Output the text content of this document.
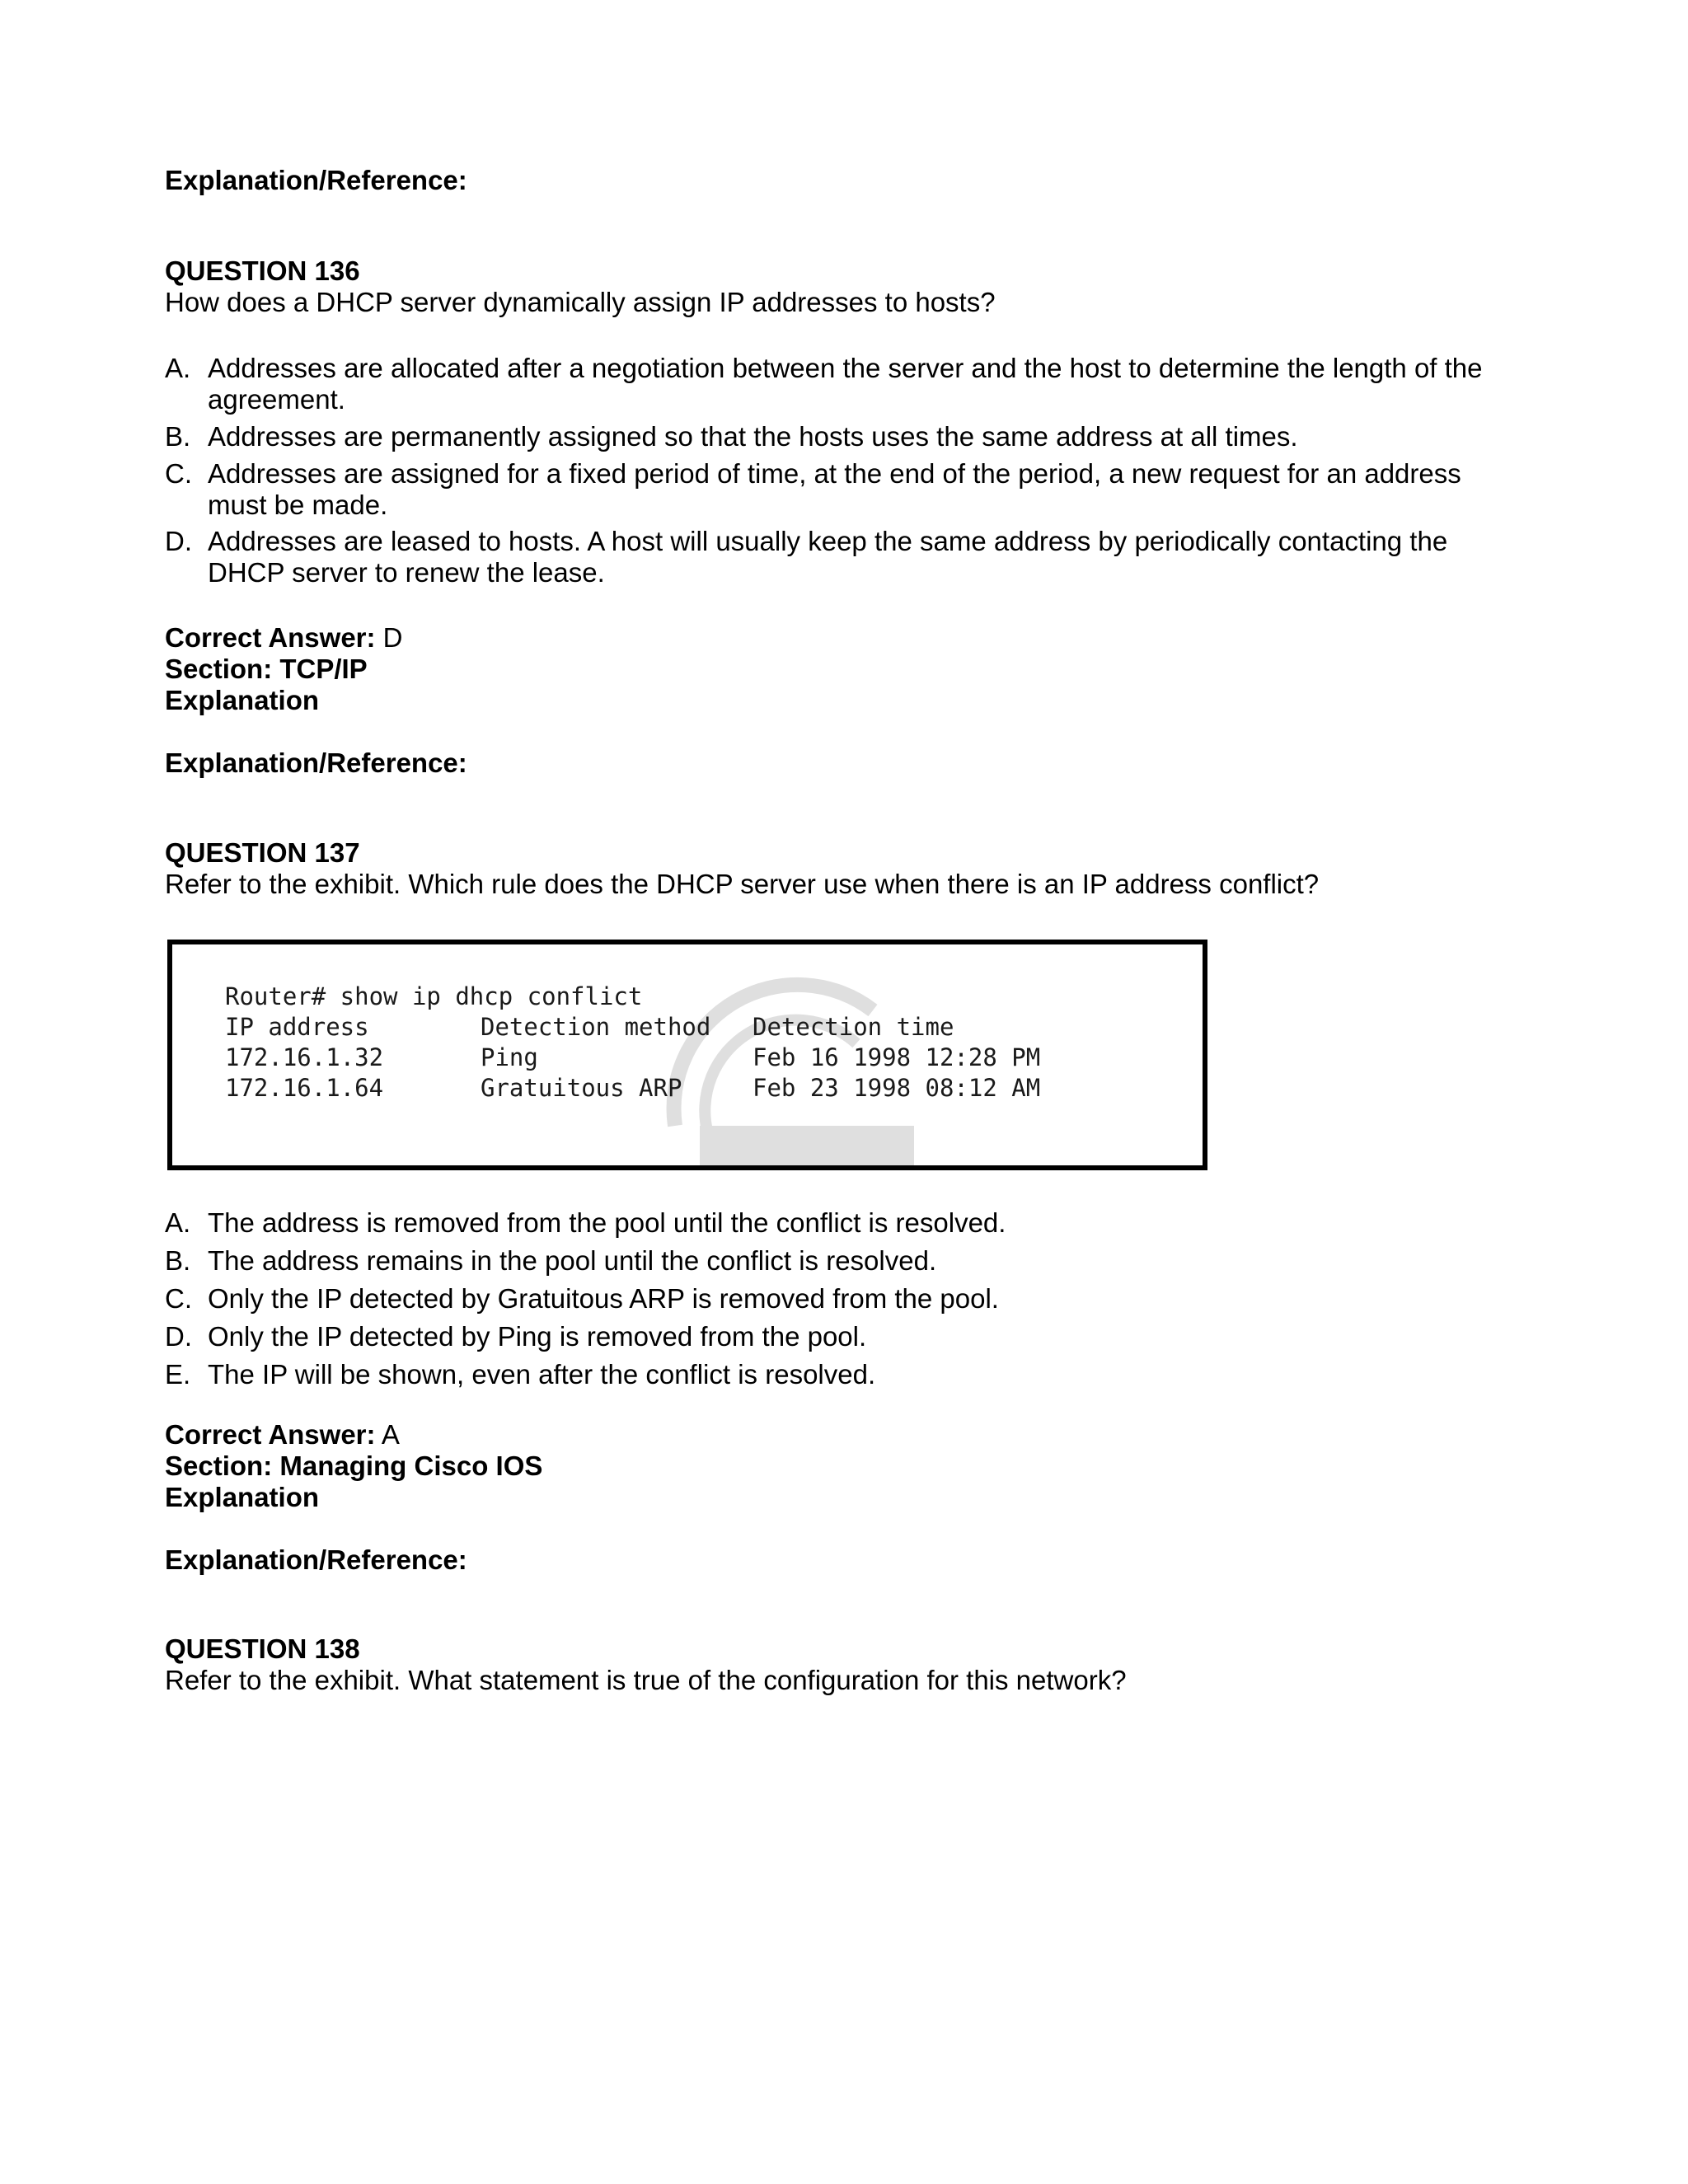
Explanation/Reference:
QUESTION 136
How does a DHCP server dynamically assign IP addresses to hosts?
A. Addresses are allocated after a negotiation between the server and the host to determine the length of the agreement.
B. Addresses are permanently assigned so that the hosts uses the same address at all times.
C. Addresses are assigned for a fixed period of time, at the end of the period, a new request for an address must be made.
D. Addresses are leased to hosts. A host will usually keep the same address by periodically contacting the DHCP server to renew the lease.
Correct Answer: D
Section: TCP/IP
Explanation
Explanation/Reference:
QUESTION 137
Refer to the exhibit. Which rule does the DHCP server use when there is an IP address conflict?
Router# show ip dhcp conflict
IP address	Detection method Detection time
172.16.1.32	Ping	Feb 16 1998 12:28 PM
172.16.1.64	Gratuitous ARP	Feb 23 1998 08:12 AM
A. The address is removed from the pool until the conflict is resolved.
B. The address remains in the pool until the conflict is resolved.
C. Only the IP detected by Gratuitous ARP is removed from the pool.
D. Only the IP detected by Ping is removed from the pool.
E. The IP will be shown, even after the conflict is resolved.
Correct Answer: A
Section: Managing Cisco IOS
Explanation
Explanation/Reference:
QUESTION 138
Refer to the exhibit. What statement is true of the configuration for this network?
